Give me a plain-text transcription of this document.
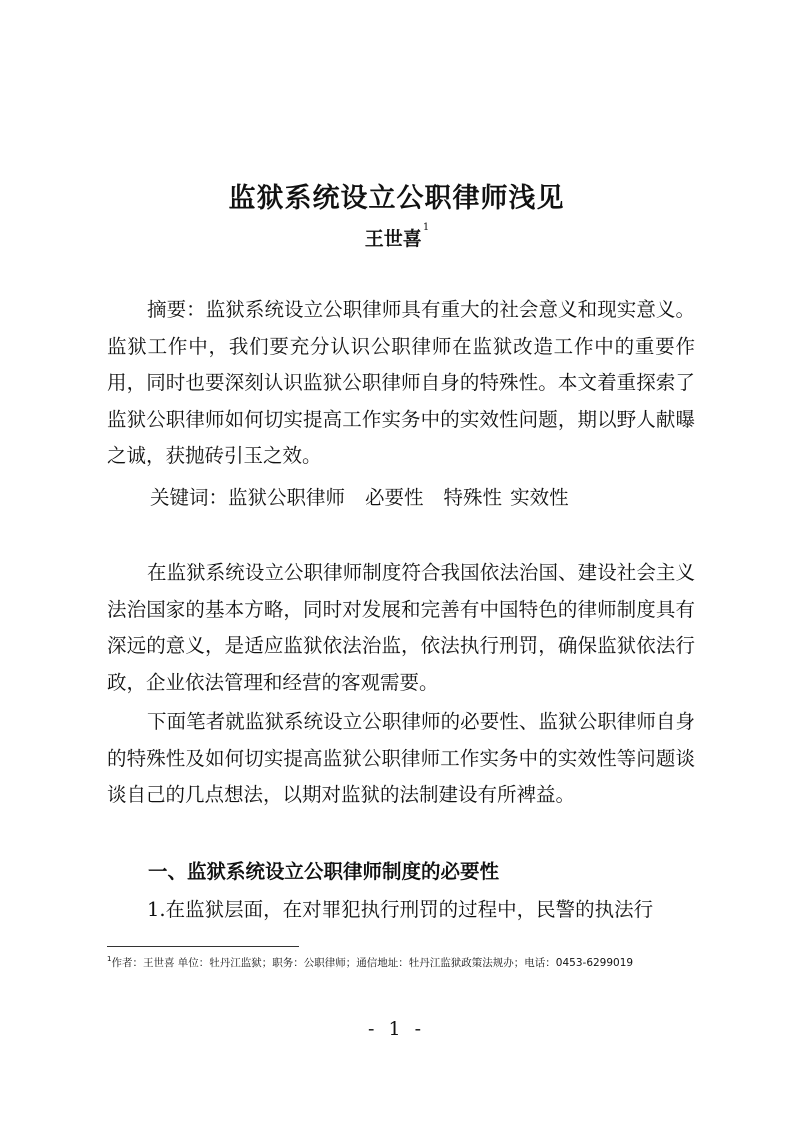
监狱系统设立公职律师浅见
王世喜$^1$
摘要：监狱系统设立公职律师具有重大的社会意义和现实意义。监狱工作中，我们要充分认识公职律师在监狱改造工作中的重要作用，同时也要深刻认识监狱公职律师自身的特殊性。本文着重探索了监狱公职律师如何切实提高工作实务中的实效性问题，期以野人献曝之诚，获抛砖引玉之效。
关键词：监狱公职律师 必要性 特殊性 实效性
在监狱系统设立公职律师制度符合我国依法治国、建设社会主义法治国家的基本方略，同时对发展和完善有中国特色的律师制度具有深远的意义，是适应监狱依法治监，依法执行刑罚，确保监狱依法行政，企业依法管理和经营的客观需要。
下面笔者就监狱系统设立公职律师的必要性、监狱公职律师自身的特殊性及如何切实提高监狱公职律师工作实务中的实效性等问题谈谈自己的几点想法，以期对监狱的法制建设有所裨益。
一、监狱系统设立公职律师制度的必要性
1.在监狱层面，在对罪犯执行刑罚的过程中，民警的执法行
$^1$作者：王世喜 单位：牡丹江监狱；职务：公职律师；通信地址：牡丹江监狱政策法规办；电话：0453-6299019
- 1 -
